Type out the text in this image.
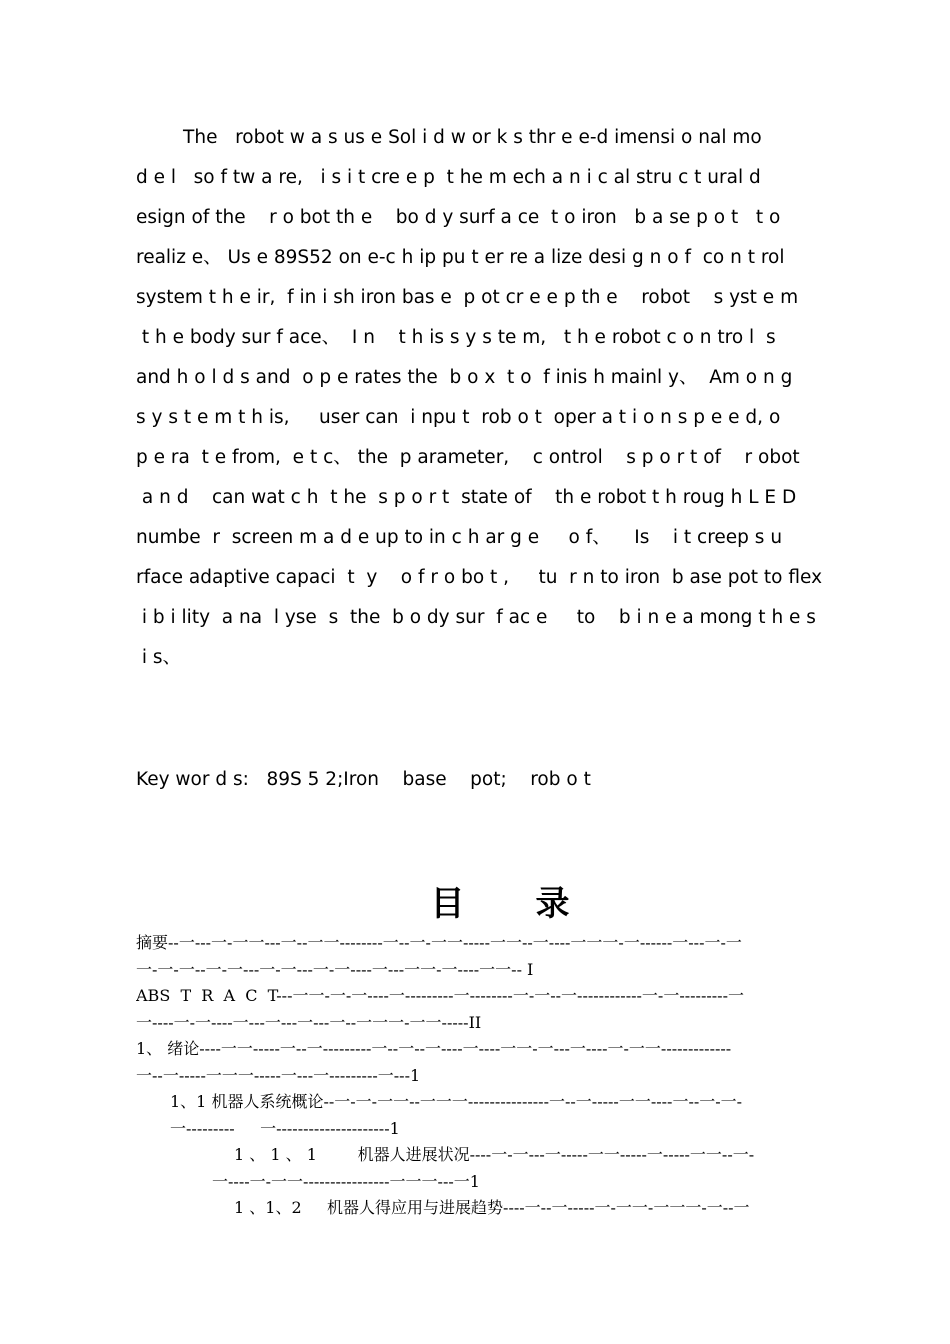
The   robot w a s us e Sol i d w or k s thr e e-d imensi o nal mo
d e l   so f tw a re,   i s i t cre e p  t he m ech a n i c al stru c t ural d
esign of the    r o bot th e    bo d y surf a ce  t o iron   b a se p o t   t o
realiz e、 Us e 89S52 on e-c h ip pu t er re a lize desi g n o f  co n t rol
system t h e ir,  f in i sh iron bas e  p ot cr e e p th e    robot    s yst e m
t h e body sur f ace、  I n    t h is s y s te m,   t h e robot c o n tro l  s
and h o l d s and  o p e rates the  b o x  t o  f inis h mainl y、  Am o n g
s y s t e m t h is,     user can  i npu t  rob o t  oper a t i o n s p e e d, o
p e ra  t e from,  e t c、 the  p arameter,    c ontrol    s p o r t of    r obot
a n d    can wat c h  t he  s p o r t  state of    th e robot t h roug h L E D
numbe  r  screen m a d e up to in c h ar g e     o f、    Is    i t creep s u
rface adaptive capaci  t  y    o f r o bo t ,     tu  r n to iron  b ase pot to flex
i b i lity  a na  l yse  s  the  b o dy sur  f ac e     to    b i n e a mong t h e s
i s、

Key wor d s:   89S 5 2;Iron    base    pot;    rob o t

目      录
摘要--一---一-一一---一--一一--------一--一-一一-----一一--一----一一一-一------一---一-一
一-一-一--一-一---一-一---一-一----一---一一-一----一一-- I
ABS  T  R  A  C  T---一一-一-一----一---------一--------一-一--一------------一-一---------一
一----一-一----一---一---一---一--一一一-一一-----II
1、 绪论----一一-----一--一---------一--一--一----一----一一-一---一----一-一一-------------
一--一-----一一一-----一---一---------一---1
1、1 机器人系统概论--一-一-一一--一一一---------------一--一-----一一----一--一-一-
一---------     一---------------------1
1 、 1 、 1        机器人进展状况----一-一---一-----一一-----一-----一一--一-
一----一-一一----------------一一一---一1
1 、1、2     机器人得应用与进展趋势----一--一-----一-一一-一一一-一--一
